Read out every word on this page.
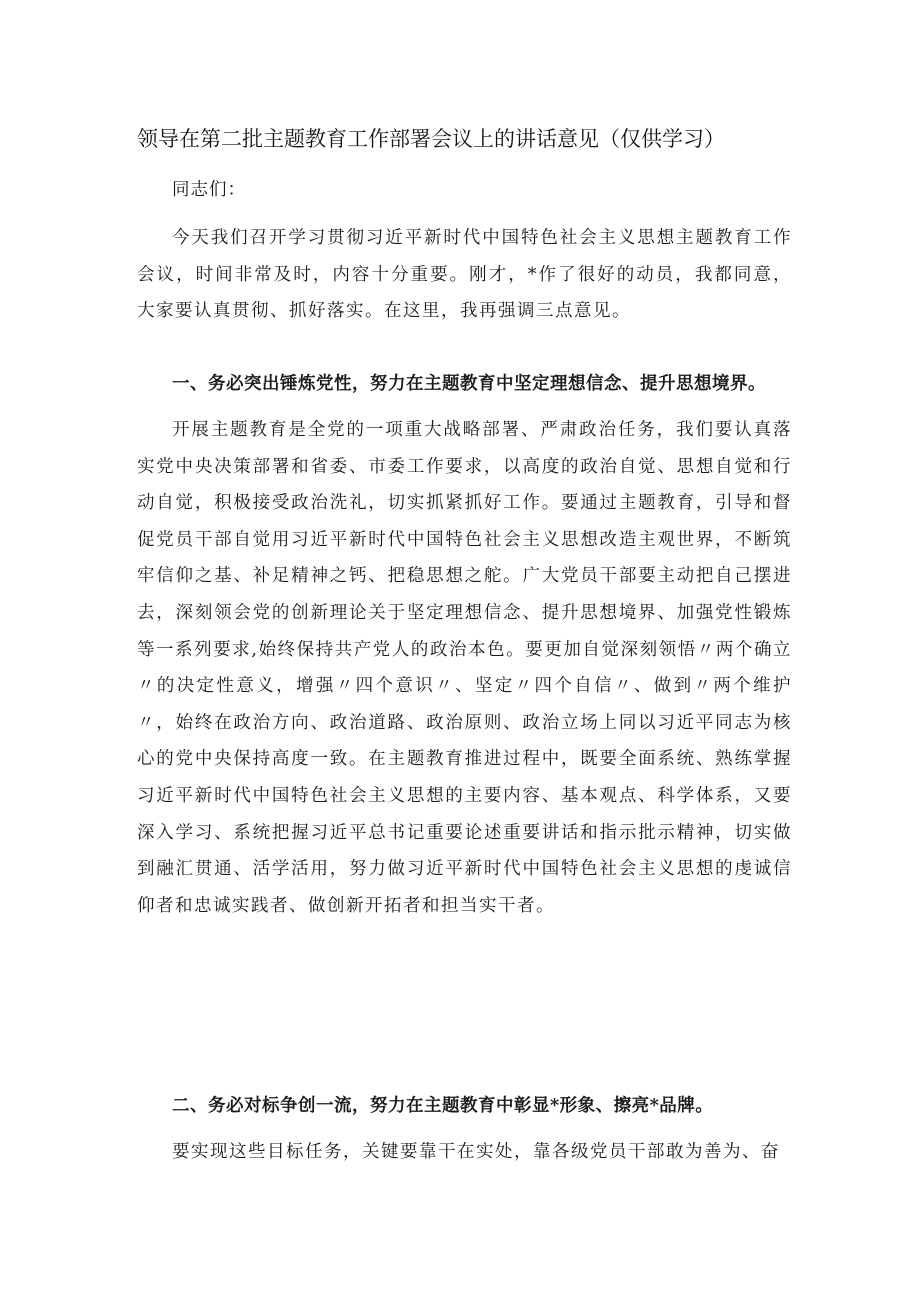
领导在第二批主题教育工作部署会议上的讲话意见（仅供学习）

同志们：

今天我们召开学习贯彻习近平新时代中国特色社会主义思想主题教育工作会议，时间非常及时，内容十分重要。刚才，*作了很好的动员，我都同意，大家要认真贯彻、抓好落实。在这里，我再强调三点意见。

一、务必突出锤炼党性，努力在主题教育中坚定理想信念、提升思想境界。

开展主题教育是全党的一项重大战略部署、严肃政治任务，我们要认真落实党中央决策部署和省委、市委工作要求，以高度的政治自觉、思想自觉和行动自觉，积极接受政治洗礼，切实抓紧抓好工作。要通过主题教育，引导和督促党员干部自觉用习近平新时代中国特色社会主义思想改造主观世界，不断筑牢信仰之基、补足精神之钙、把稳思想之舵。广大党员干部要主动把自己摆进去，深刻领会党的创新理论关于坚定理想信念、提升思想境界、加强党性锻炼等一系列要求,始终保持共产党人的政治本色。要更加自觉深刻领悟〃两个确立〃的决定性意义，增强〃四个意识〃、坚定〃四个自信〃、做到〃两个维护〃，始终在政治方向、政治道路、政治原则、政治立场上同以习近平同志为核心的党中央保持高度一致。在主题教育推进过程中，既要全面系统、熟练掌握习近平新时代中国特色社会主义思想的主要内容、基本观点、科学体系，又要深入学习、系统把握习近平总书记重要论述重要讲话和指示批示精神，切实做到融汇贯通、活学活用，努力做习近平新时代中国特色社会主义思想的虔诚信仰者和忠诚实践者、做创新开拓者和担当实干者。

二、务必对标争创一流，努力在主题教育中彰显*形象、擦亮*品牌。

要实现这些目标任务，关键要靠干在实处，靠各级党员干部敢为善为、奋
